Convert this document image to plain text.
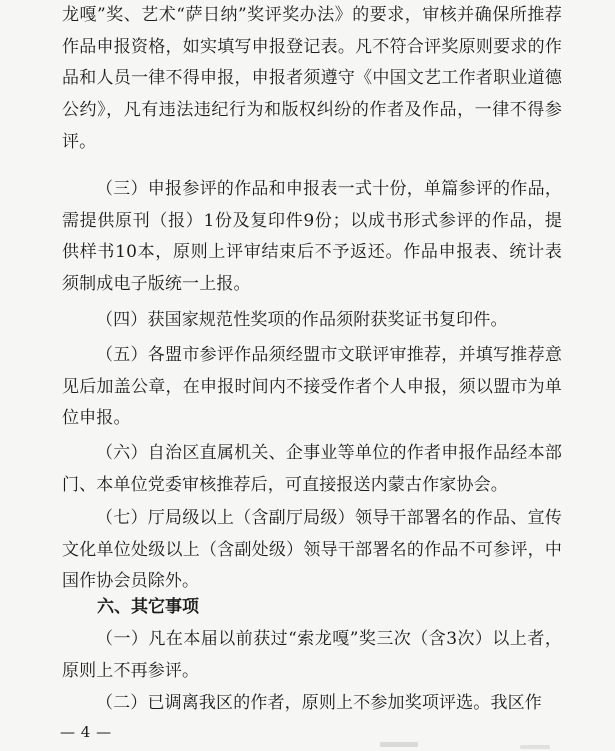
龙嘎”奖、艺术“萨日纳”奖评奖办法》的要求，审核并确保所推荐作品申报资格，如实填写申报登记表。凡不符合评奖原则要求的作品和人员一律不得申报，申报者须遵守《中国文艺工作者职业道德公约》，凡有违法违纪行为和版权纠纷的作者及作品，一律不得参评。

（三）申报参评的作品和申报表一式十份，单篇参评的作品，需提供原刊（报）1份及复印件9份；以成书形式参评的作品，提供样书10本，原则上评审结束后不予返还。作品申报表、统计表须制成电子版统一上报。

（四）获国家规范性奖项的作品须附获奖证书复印件。

（五）各盟市参评作品须经盟市文联评审推荐，并填写推荐意见后加盖公章，在申报时间内不接受作者个人申报，须以盟市为单位申报。

（六）自治区直属机关、企事业等单位的作者申报作品经本部门、本单位党委审核推荐后，可直接报送内蒙古作家协会。

（七）厅局级以上（含副厅局级）领导干部署名的作品、宣传文化单位处级以上（含副处级）领导干部署名的作品不可参评，中国作协会员除外。

六、其它事项

（一）凡在本届以前获过“索龙嘎”奖三次（含3次）以上者，原则上不再参评。

（二）已调离我区的作者，原则上不参加奖项评选。我区作

— 4 —
